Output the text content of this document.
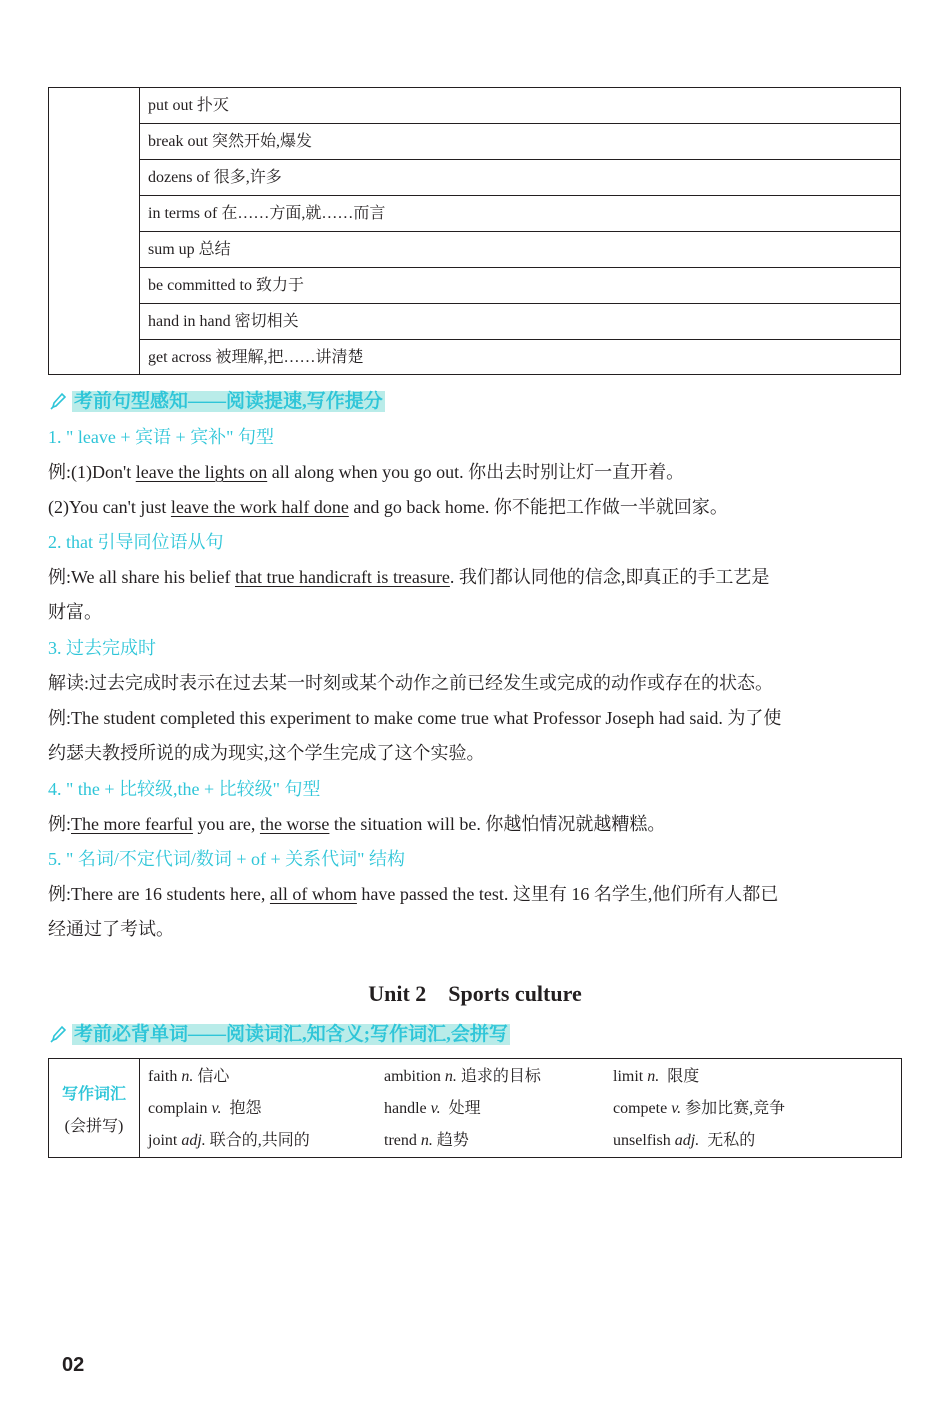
put out 扑灭
break out 突然开始,爆发
dozens of 很多,许多
in terms of 在……方面,就……而言
sum up 总结
be committed to 致力于
hand in hand 密切相关
get across 被理解,把……讲清楚
考前句型感知——阅读提速,写作提分
1. " leave + 宾语 + 宾补" 句型
例:(1)Don't leave the lights on all along when you go out. 你出去时别让灯一直开着。
(2)You can't just leave the work half done and go back home. 你不能把工作做一半就回家。
2. that 引导同位语从句
例:We all share his belief that true handicraft is treasure. 我们都认同他的信念,即真正的手工艺是
财富。
3. 过去完成时
解读:过去完成时表示在过去某一时刻或某个动作之前已经发生或完成的动作或存在的状态。
例:The student completed this experiment to make come true what Professor Joseph had said. 为了使
约瑟夫教授所说的成为现实,这个学生完成了这个实验。
4. " the + 比较级,the + 比较级" 句型
例:The more fearful you are, the worse the situation will be. 你越怕情况就越糟糕。
5. " 名词/不定代词/数词 + of + 关系代词" 结构
例:There are 16 students here, all of whom have passed the test. 这里有 16 名学生,他们所有人都已
经通过了考试。
Unit 2    Sports culture
考前必背单词——阅读词汇,知含义;写作词汇,会拼写
写作词汇
(会拼写)
faith n. 信心	ambition n. 追求的目标	limit n.  限度
complain v.  抱怨	handle v.  处理	compete v. 参加比赛,竞争
joint adj. 联合的,共同的	trend n. 趋势	unselfish adj.  无私的
02
